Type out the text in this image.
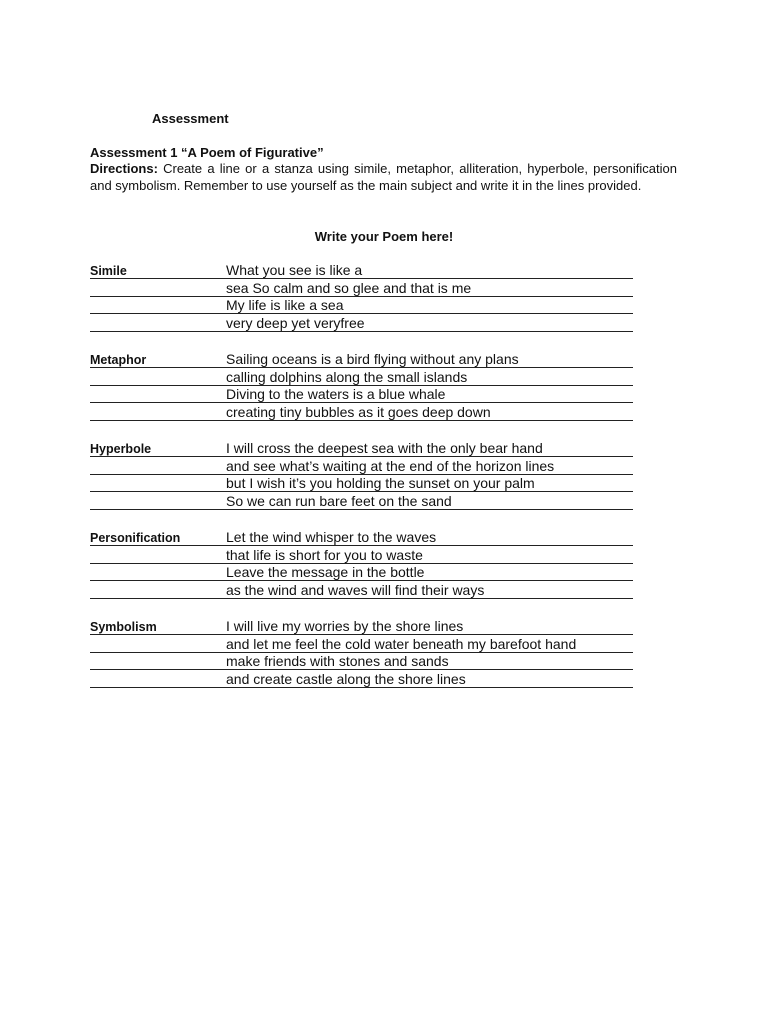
Assessment
Assessment 1 “A Poem of Figurative”
Directions: Create a line or a stanza using simile, metaphor, alliteration, hyperbole, personification and symbolism. Remember to use yourself as the main subject and write it in the lines provided.
Write your Poem here!
Simile	What you see is like a
sea So calm and so glee and that is me
My life is like a sea
very deep yet veryfree
Metaphor	Sailing oceans is a bird flying without any plans
calling dolphins along the small islands
Diving to the waters is a blue whale
creating tiny bubbles as it goes deep down
Hyperbole	I will cross the deepest sea with the only bear hand
and see what’s waiting at the end of the horizon lines
but I wish it’s you holding the sunset on your palm
So we can run bare feet on the sand
Personification	Let the wind whisper to the waves
that life is short for you to waste
Leave the message in the bottle
as the wind and waves will find their ways
Symbolism	I will live my worries by the shore lines
and let me feel the cold water beneath my barefoot hand
make friends with stones and sands
and create castle along the shore lines
